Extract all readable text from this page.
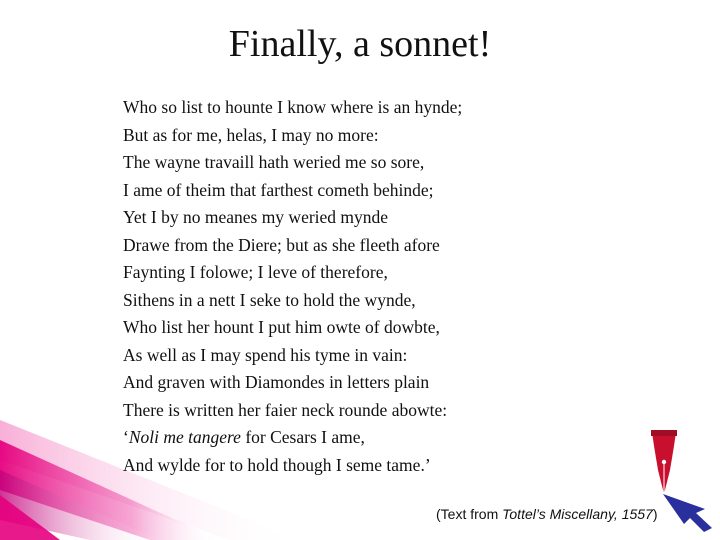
Finally, a sonnet!
Who so list to hounte I know where is an hynde;
But as for me, helas, I may no more:
The wayne travaill hath weried me so sore,
I ame of theim that farthest cometh behinde;
Yet I by no meanes my weried mynde
Drawe from the Diere; but as she fleeth afore
Faynting I folowe; I leve of therefore,
Sithens in a nett I seke to hold the wynde,
Who list her hount I put him owte of dowbte,
As well as I may spend his tyme in vain:
And graven with Diamondes in letters plain
There is written her faier neck rounde abowte:
‘Noli me tangere for Cesars I ame,
And wylde for to hold though I seme tame.’
(Text from Tottel’s Miscellany, 1557)
